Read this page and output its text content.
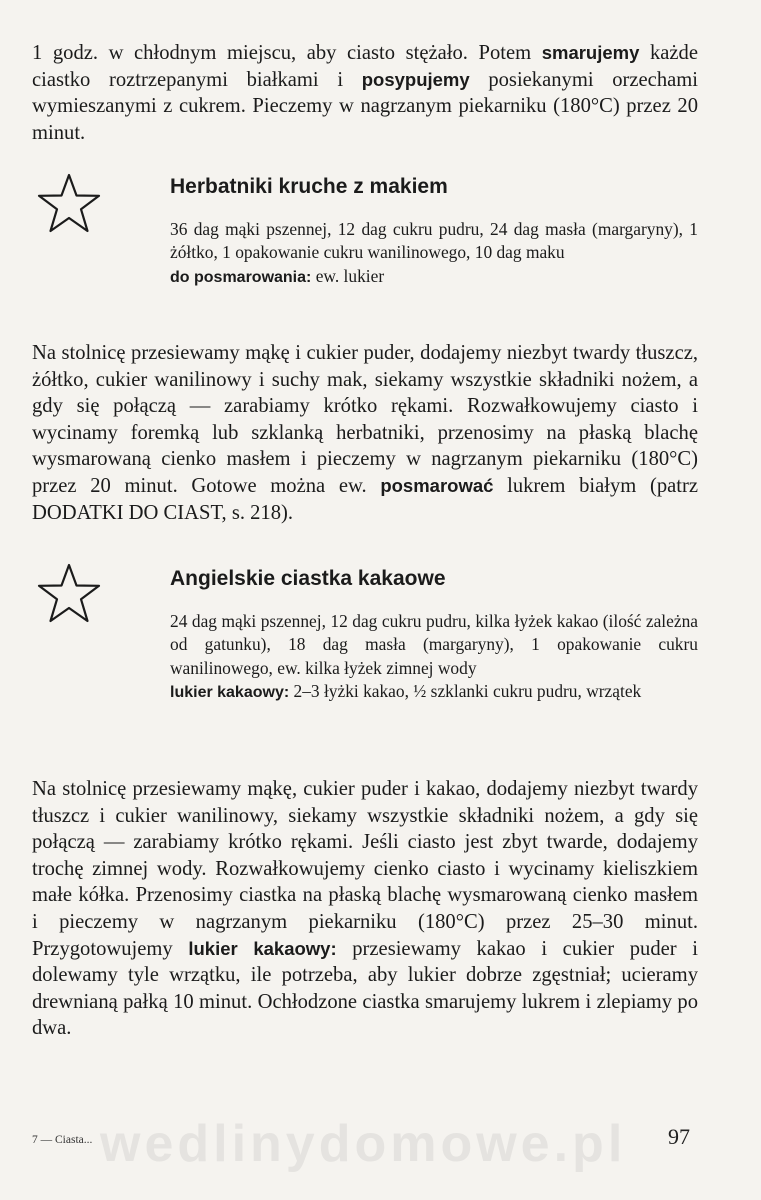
1 godz. w chłodnym miejscu, aby ciasto stężało. Potem smarujemy każde ciastko roztrzepanymi białkami i posypujemy posiekanymi orzechami wymieszanymi z cukrem. Pieczemy w nagrzanym piekarniku (180°C) przez 20 minut.

Herbatniki kruche z makiem

36 dag mąki pszennej, 12 dag cukru pudru, 24 dag masła (margaryny), 1 żółtko, 1 opakowanie cukru wanilinowego, 10 dag maku
do posmarowania: ew. lukier

Na stolnicę przesiewamy mąkę i cukier puder, dodajemy niezbyt twardy tłuszcz, żółtko, cukier wanilinowy i suchy mak, siekamy wszystkie składniki nożem, a gdy się połączą — zarabiamy krótko rękami. Rozwałkowujemy ciasto i wycinamy foremką lub szklanką herbatniki, przenosimy na płaską blachę wysmarowaną cienko masłem i pieczemy w nagrzanym piekarniku (180°C) przez 20 minut. Gotowe można ew. posmarować lukrem białym (patrz DODATKI DO CIAST, s. 218).

Angielskie ciastka kakaowe

24 dag mąki pszennej, 12 dag cukru pudru, kilka łyżek kakao (ilość zależna od gatunku), 18 dag masła (margaryny), 1 opakowanie cukru wanilinowego, ew. kilka łyżek zimnej wody

lukier kakaowy: 2–3 łyżki kakao, ½ szklanki cukru pudru, wrzątek

Na stolnicę przesiewamy mąkę, cukier puder i kakao, dodajemy niezbyt twardy tłuszcz i cukier wanilinowy, siekamy wszystkie składniki nożem, a gdy się połączą — zarabiamy krótko rękami. Jeśli ciasto jest zbyt twarde, dodajemy trochę zimnej wody. Rozwałkowujemy cienko ciasto i wycinamy kieliszkiem małe kółka. Przenosimy ciastka na płaską blachę wysmarowaną cienko masłem i pieczemy w nagrzanym piekarniku (180°C) przez 25–30 minut. Przygotowujemy lukier kakaowy: przesiewamy kakao i cukier puder i dolewamy tyle wrzątku, ile potrzeba, aby lukier dobrze zgęstniał; ucieramy drewnianą pałką 10 minut. Ochłodzone ciastka smarujemy lukrem i zlepiamy po dwa.

wedlinydomowe.pl
7 — Ciasta...	97
